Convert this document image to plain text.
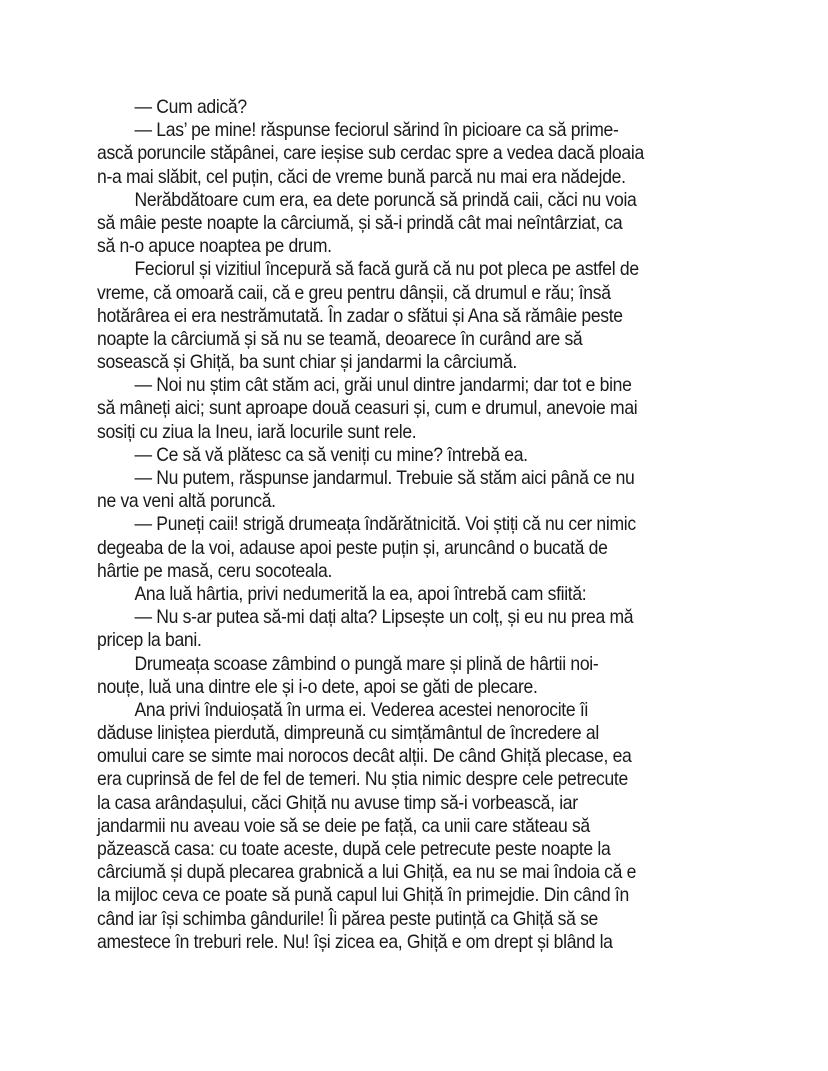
— Cum adică?
— Las’ pe mine! răspunse feciorul sărind în picioare ca să prime-
ască poruncile stăpânei, care ieșise sub cerdac spre a vedea dacă ploaia
n-a mai slăbit, cel puțin, căci de vreme bună parcă nu mai era nădejde.
Nerăbdătoare cum era, ea dete poruncă să prindă caii, căci nu voia
să mâie peste noapte la cârciumă, și să-i prindă cât mai neîntârziat, ca
să n-o apuce noaptea pe drum.
Feciorul și vizitiul începură să facă gură că nu pot pleca pe astfel de
vreme, că omoară caii, că e greu pentru dânșii, că drumul e rău; însă
hotărârea ei era nestrămutată. În zadar o sfătui și Ana să rămâie peste
noapte la cârciumă și să nu se teamă, deoarece în curând are să
sosească și Ghiță, ba sunt chiar și jandarmi la cârciumă.
— Noi nu știm cât stăm aci, grăi unul dintre jandarmi; dar tot e bine
să mâneți aici; sunt aproape două ceasuri și, cum e drumul, anevoie mai
sosiți cu ziua la Ineu, iară locurile sunt rele.
— Ce să vă plătesc ca să veniți cu mine? întrebă ea.
— Nu putem, răspunse jandarmul. Trebuie să stăm aici până ce nu
ne va veni altă poruncă.
— Puneți caii! strigă drumeața îndărătnicită. Voi știți că nu cer nimic
degeaba de la voi, adause apoi peste puțin și, aruncând o bucată de
hârtie pe masă, ceru socoteala.
Ana luă hârtia, privi nedumerită la ea, apoi întrebă cam sfiită:
— Nu s-ar putea să-mi dați alta? Lipsește un colț, și eu nu prea mă
pricep la bani.
Drumeața scoase zâmbind o pungă mare și plină de hârtii noi-
nouțe, luă una dintre ele și i-o dete, apoi se găti de plecare.
Ana privi înduioșată în urma ei. Vederea acestei nenorocite îi
dăduse liniștea pierdută, dimpreună cu simțământul de încredere al
omului care se simte mai norocos decât alții. De când Ghiță plecase, ea
era cuprinsă de fel de fel de temeri. Nu știa nimic despre cele petrecute
la casa arândașului, căci Ghiță nu avuse timp să-i vorbească, iar
jandarmii nu aveau voie să se deie pe față, ca unii care stăteau să
păzească casa: cu toate aceste, după cele petrecute peste noapte la
cârciumă și după plecarea grabnică a lui Ghiță, ea nu se mai îndoia că e
la mijloc ceva ce poate să pună capul lui Ghiță în primejdie. Din când în
când iar își schimba gândurile! Îi părea peste putință ca Ghiță să se
amestece în treburi rele. Nu! își zicea ea, Ghiță e om drept și blând la
